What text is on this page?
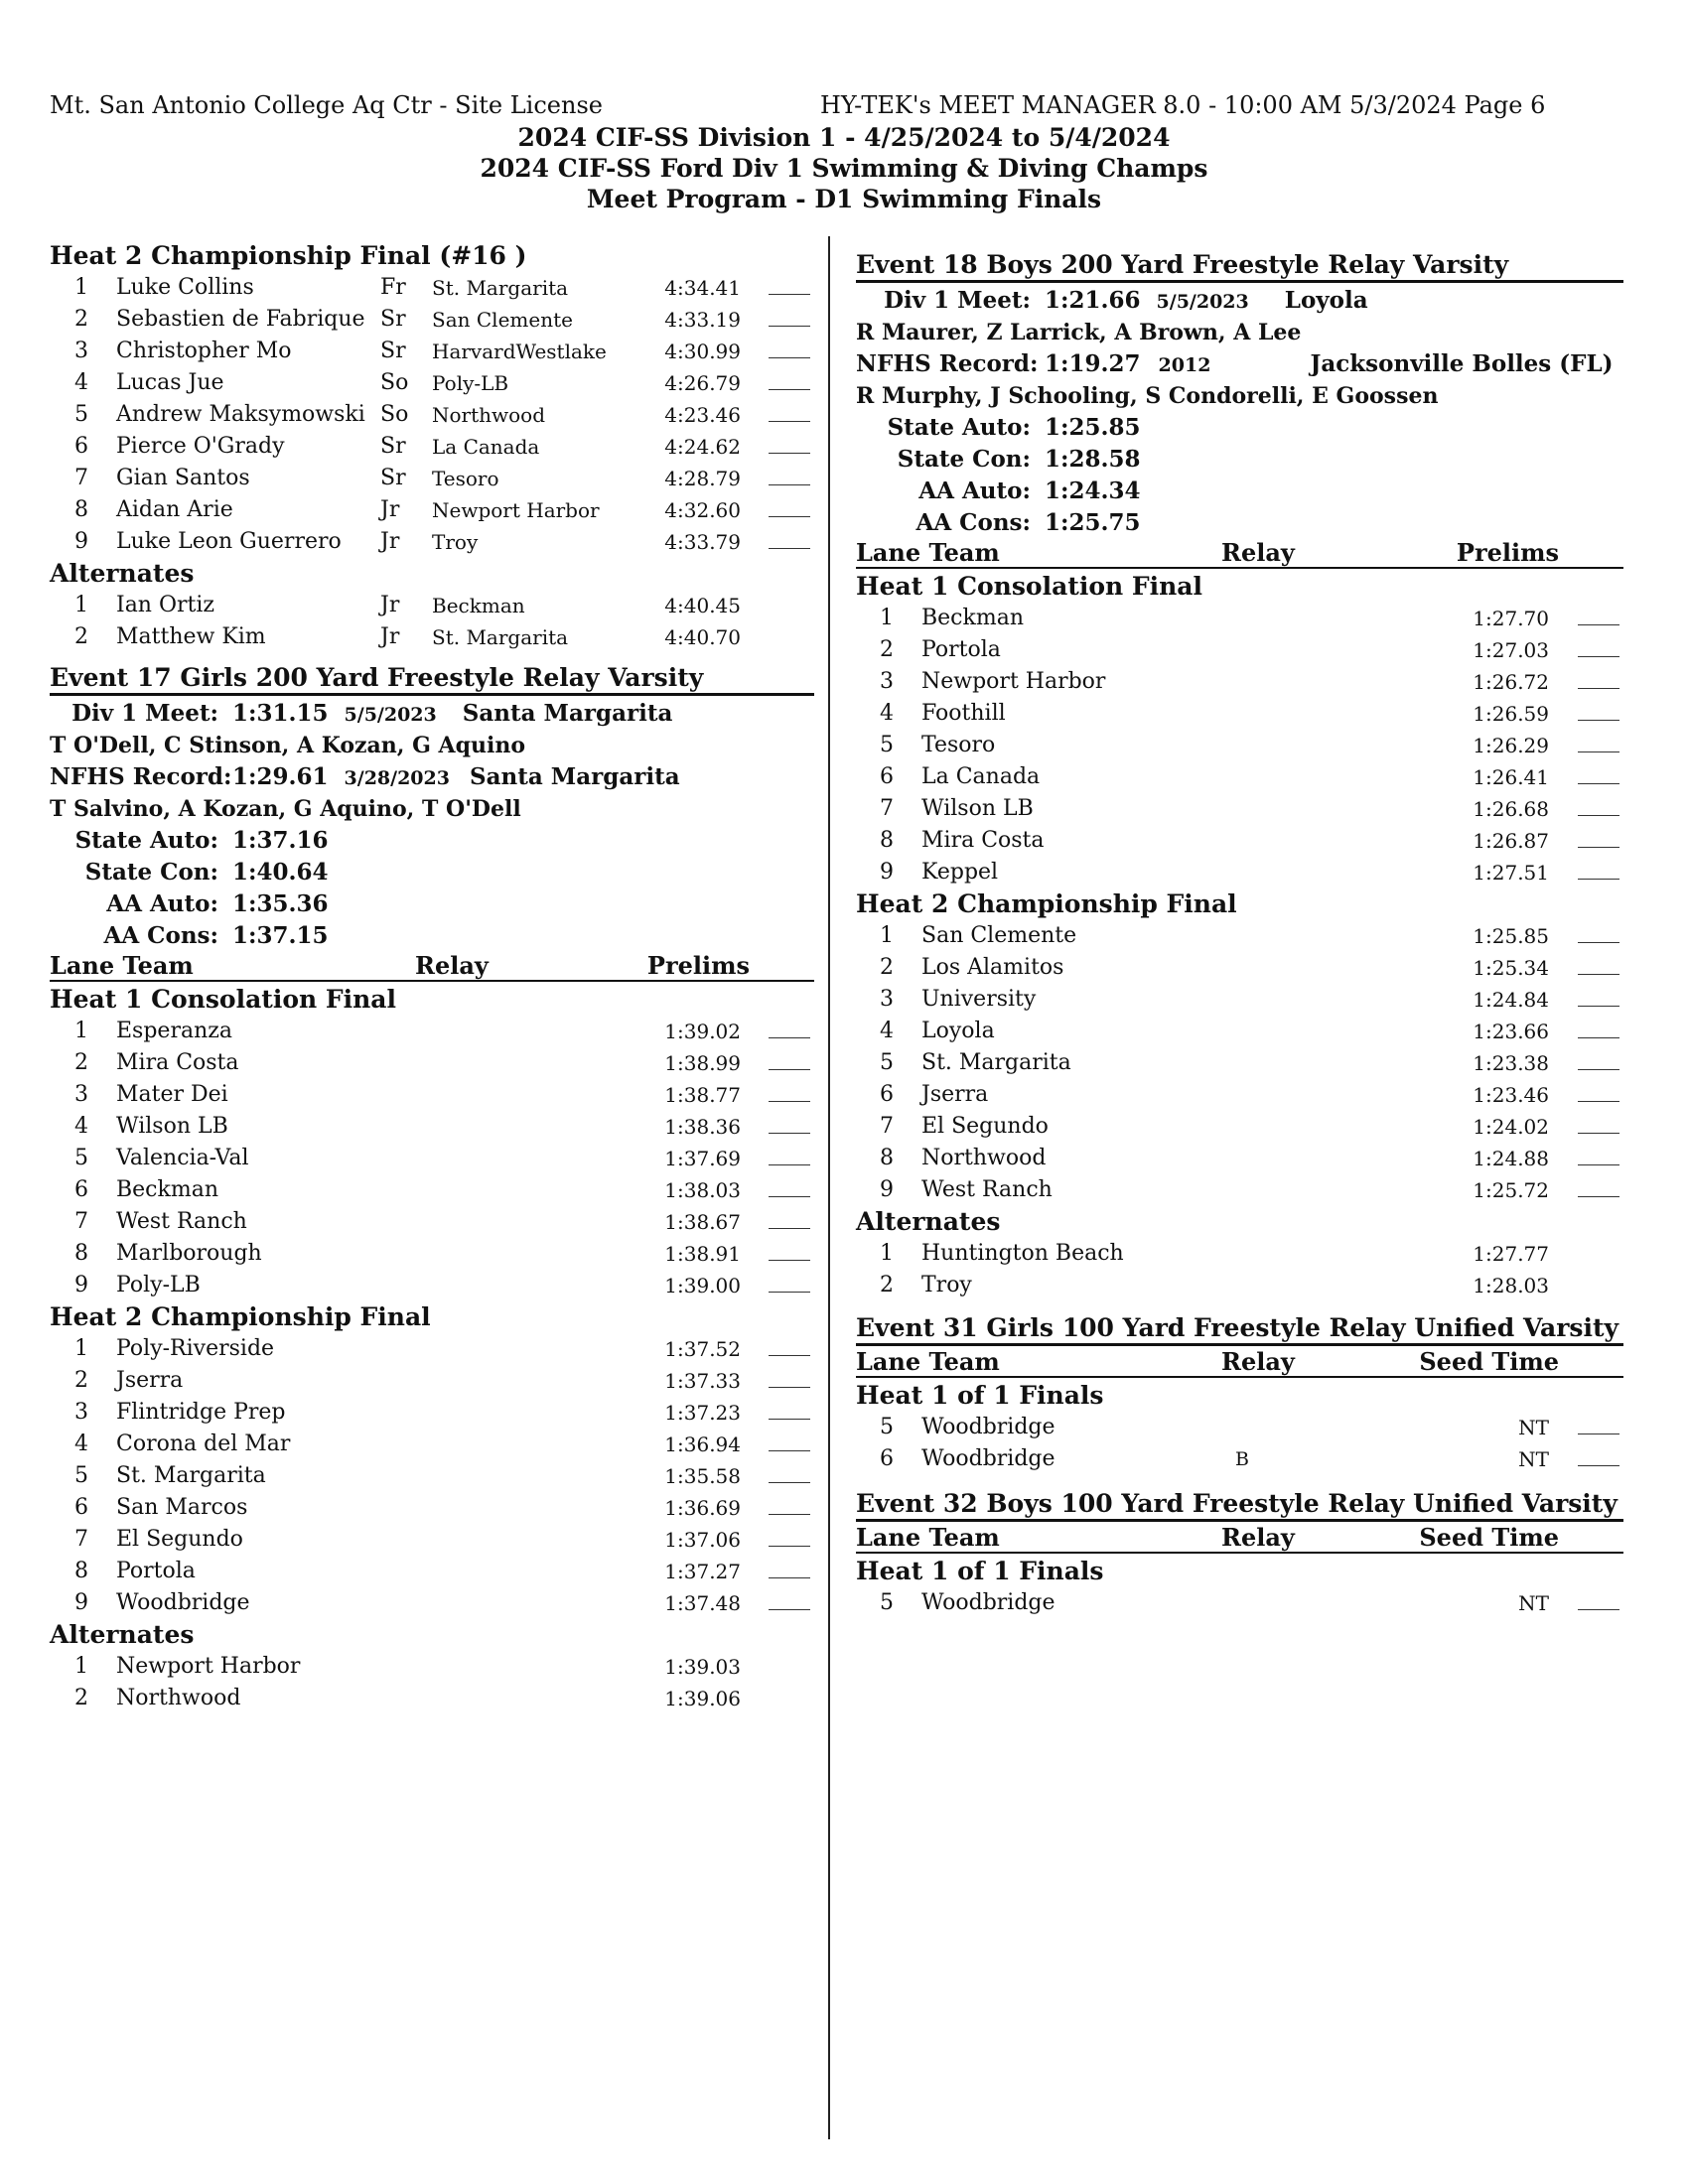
Mt. San Antonio College Aq Ctr - Site License	HY-TEK's MEET MANAGER 8.0 - 10:00 AM 5/3/2024 Page 6
2024 CIF-SS Division 1 - 4/25/2024 to 5/4/2024
2024 CIF-SS Ford Div 1 Swimming & Diving Champs
Meet Program - D1 Swimming Finals
Heat 2 Championship Final (#16 )
1 Luke Collins	Fr St. Margarita	4:34.41
2 Sebastien de Fabrique Sr San Clemente	4:33.19
3 Christopher Mo	Sr HarvardWestlake	4:30.99
4 Lucas Jue	So Poly-LB	4:26.79
5 Andrew Maksymowski So Northwood	4:23.46
6 Pierce O'Grady	Sr La Canada	4:24.62
7 Gian Santos	Sr Tesoro	4:28.79
8 Aidan Arie	Jr Newport Harbor	4:32.60
9 Luke Leon Guerrero Jr Troy	4:33.79
Alternates
1 Ian Ortiz	Jr Beckman	4:40.45
2 Matthew Kim	Jr St. Margarita	4:40.70
Event 17 Girls 200 Yard Freestyle Relay Varsity
Div 1 Meet: 1:31.15 5/5/2023 Santa Margarita
T O'Dell, C Stinson, A Kozan, G Aquino
NFHS Record: 1:29.61 3/28/2023 Santa Margarita
T Salvino, A Kozan, G Aquino, T O'Dell
State Auto: 1:37.16
State Con: 1:40.64
AA Auto: 1:35.36
AA Cons: 1:37.15
Lane Team	Relay	Prelims
Heat 1 Consolation Final
1 Esperanza	1:39.02
2 Mira Costa	1:38.99
3 Mater Dei	1:38.77
4 Wilson LB	1:38.36
5 Valencia-Val	1:37.69
6 Beckman	1:38.03
7 West Ranch	1:38.67
8 Marlborough	1:38.91
9 Poly-LB	1:39.00
Heat 2 Championship Final
1 Poly-Riverside	1:37.52
2 Jserra	1:37.33
3 Flintridge Prep	1:37.23
4 Corona del Mar	1:36.94
5 St. Margarita	1:35.58
6 San Marcos	1:36.69
7 El Segundo	1:37.06
8 Portola	1:37.27
9 Woodbridge	1:37.48
Alternates
1 Newport Harbor	1:39.03
2 Northwood	1:39.06
Event 18 Boys 200 Yard Freestyle Relay Varsity
Div 1 Meet: 1:21.66 5/5/2023 Loyola
R Maurer, Z Larrick, A Brown, A Lee
NFHS Record: 1:19.27 2012	Jacksonville Bolles (FL)
R Murphy, J Schooling, S Condorelli, E Goossen
State Auto: 1:25.85
State Con: 1:28.58
AA Auto: 1:24.34
AA Cons: 1:25.75
Lane Team	Relay	Prelims
Heat 1 Consolation Final
1 Beckman	1:27.70
2 Portola	1:27.03
3 Newport Harbor	1:26.72
4 Foothill	1:26.59
5 Tesoro	1:26.29
6 La Canada	1:26.41
7 Wilson LB	1:26.68
8 Mira Costa	1:26.87
9 Keppel	1:27.51
Heat 2 Championship Final
1 San Clemente	1:25.85
2 Los Alamitos	1:25.34
3 University	1:24.84
4 Loyola	1:23.66
5 St. Margarita	1:23.38
6 Jserra	1:23.46
7 El Segundo	1:24.02
8 Northwood	1:24.88
9 West Ranch	1:25.72
Alternates
1 Huntington Beach	1:27.77
2 Troy	1:28.03
Event 31 Girls 100 Yard Freestyle Relay Unified Varsity
Lane Team	Relay	Seed Time
Heat 1 of 1 Finals
5 Woodbridge	NT
6 Woodbridge	B	NT
Event 32 Boys 100 Yard Freestyle Relay Unified Varsity
Lane Team	Relay	Seed Time
Heat 1 of 1 Finals
5 Woodbridge	NT
